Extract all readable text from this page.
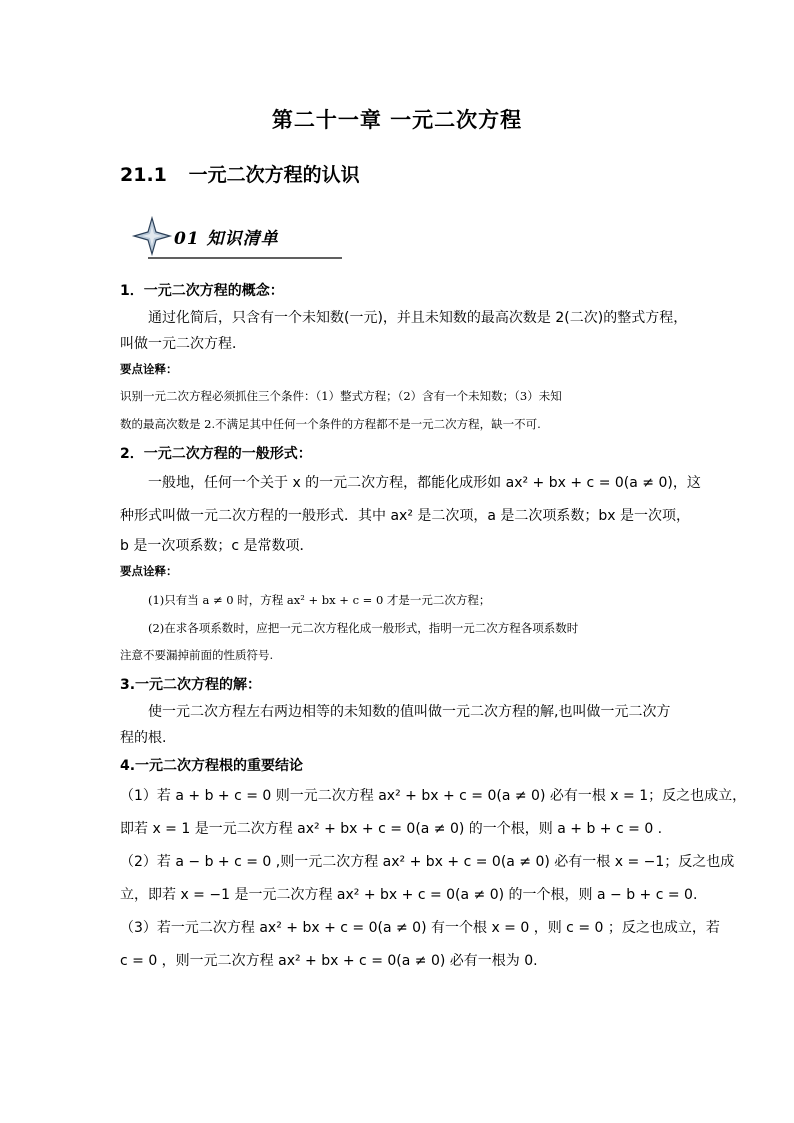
第二十一章 一元二次方程
21.1 一元二次方程的认识
01 知识清单
1．一元二次方程的概念：
通过化简后，只含有一个未知数(一元)，并且未知数的最高次数是 2(二次)的整式方程，
叫做一元二次方程．
要点诠释：
识别一元二次方程必须抓住三个条件：（1）整式方程；（2）含有一个未知数；（3）未知
数的最高次数是 2.不满足其中任何一个条件的方程都不是一元二次方程，缺一不可.
2．一元二次方程的一般形式：
一般地，任何一个关于 x 的一元二次方程，都能化成形如 ax² + bx + c = 0(a ≠ 0)，这
种形式叫做一元二次方程的一般形式．其中 ax² 是二次项，a 是二次项系数；bx 是一次项，
b 是一次项系数；c 是常数项．
要点诠释：
(1)只有当 a ≠ 0 时，方程 ax² + bx + c = 0 才是一元二次方程；
(2)在求各项系数时，应把一元二次方程化成一般形式，指明一元二次方程各项系数时
注意不要漏掉前面的性质符号.
3.一元二次方程的解：
使一元二次方程左右两边相等的未知数的值叫做一元二次方程的解,也叫做一元二次方
程的根.
4.一元二次方程根的重要结论
（1）若 a + b + c = 0 则一元二次方程 ax² + bx + c = 0(a ≠ 0) 必有一根 x = 1；反之也成立，
即若 x = 1 是一元二次方程 ax² + bx + c = 0(a ≠ 0) 的一个根，则 a + b + c = 0 .
（2）若 a − b + c = 0 ,则一元二次方程 ax² + bx + c = 0(a ≠ 0) 必有一根 x = −1；反之也成
立，即若 x = −1 是一元二次方程 ax² + bx + c = 0(a ≠ 0) 的一个根，则 a − b + c = 0.
（3）若一元二次方程 ax² + bx + c = 0(a ≠ 0) 有一个根 x = 0 ，则 c = 0 ；反之也成立，若
c = 0 ，则一元二次方程 ax² + bx + c = 0(a ≠ 0) 必有一根为 0.
